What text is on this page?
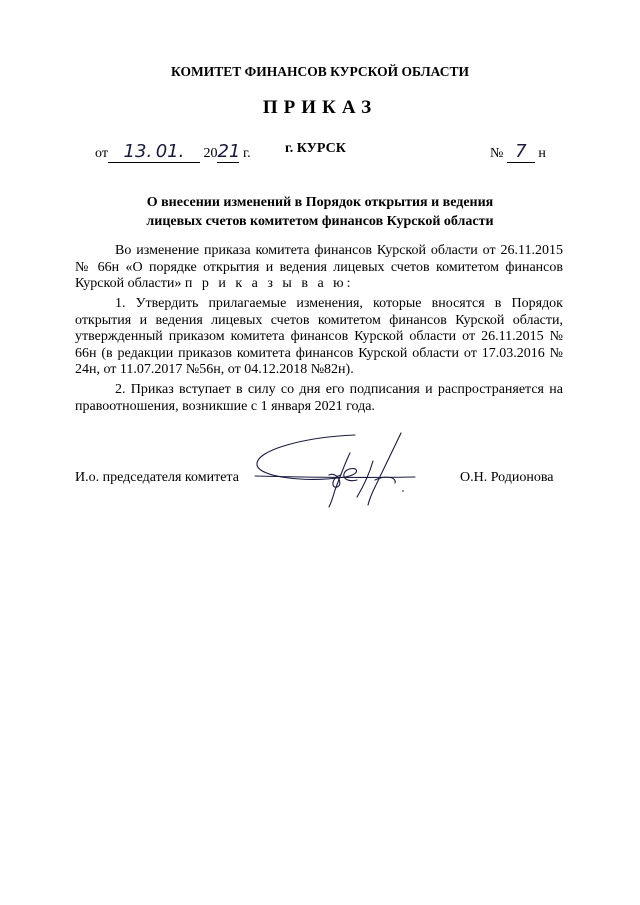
КОМИТЕТ ФИНАНСОВ КУРСКОЙ ОБЛАСТИ
ПРИКАЗ
от 13. 01. 2021 г. г. КУРСК	№ 7 н
О внесении изменений в Порядок открытия и ведения
лицевых счетов комитетом финансов Курской области
Во изменение приказа комитета финансов Курской области от 26.11.2015 № 66н «О порядке открытия и ведения лицевых счетов комитетом финансов Курской области» п р и к а з ы в а ю:
1. Утвердить прилагаемые изменения, которые вносятся в Порядок открытия и ведения лицевых счетов комитетом финансов Курской области, утвержденный приказом комитета финансов Курской области от 26.11.2015 № 66н (в редакции приказов комитета финансов Курской области от 17.03.2016 № 24н, от 11.07.2017 №56н, от 04.12.2018 №82н).
2. Приказ вступает в силу со дня его подписания и распространяется на правоотношения, возникшие с 1 января 2021 года.
И.о. председателя комитета	О.Н. Родионова
